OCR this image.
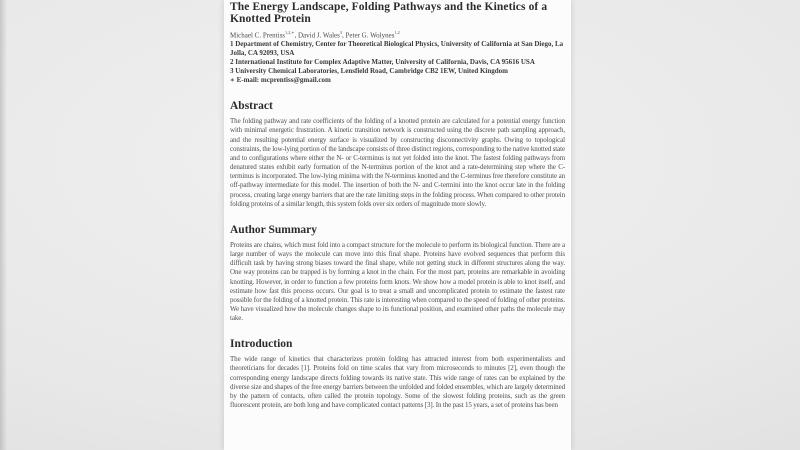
The Energy Landscape, Folding Pathways and the Kinetics of a Knotted Protein

Michael C. Prentiss$^{1,2,∗}$, David J. Wales$^3$, Peter G. Wolynes$^{1,2}$

1 Department of Chemistry, Center for Theoretical Biological Physics, University of California at San Diego, La Jolla, CA 92093, USA

2 International Institute for Complex Adaptive Matter, University of California, Davis, CA 95616 USA

3 University Chemical Laboratories, Lensfield Road, Cambridge CB2 1EW, United Kingdom

∗ E-mail: mcprentiss@gmail.com

Abstract

The folding pathway and rate coefficients of the folding of a knotted protein are calculated for a potential energy function with minimal energetic frustration. A kinetic transition network is constructed using the discrete path sampling approach, and the resulting potential energy surface is visualized by constructing disconnectivity graphs. Owing to topological constraints, the low-lying portion of the landscape consists of three distinct regions, corresponding to the native knotted state and to configurations where either the N- or C-terminus is not yet folded into the knot. The fastest folding pathways from denatured states exhibit early formation of the N-terminus portion of the knot and a rate-determining step where the C-terminus is incorporated. The low-lying minima with the N-terminus knotted and the C-terminus free therefore constitute an off-pathway intermediate for this model. The insertion of both the N- and C-termini into the knot occur late in the folding process, creating large energy barriers that are the rate limiting steps in the folding process. When compared to other protein folding proteins of a similar length, this system folds over six orders of magnitude more slowly.

Author Summary

Proteins are chains, which must fold into a compact structure for the molecule to perform its biological function. There are a large number of ways the molecule can move into this final shape. Proteins have evolved sequences that perform this difficult task by having strong biases toward the final shape, while not getting stuck in different structures along the way. One way proteins can be trapped is by forming a knot in the chain. For the most part, proteins are remarkable in avoiding knotting. However, in order to function a few proteins form knots. We show how a model protein is able to knot itself, and estimate how fast this process occurs. Our goal is to treat a small and uncomplicated protein to estimate the fastest rate possible for the folding of a knotted protein. This rate is interesting when compared to the speed of folding of other proteins. We have visualized how the molecule changes shape to its functional position, and examined other paths the molecule may take.

Introduction

The wide range of kinetics that characterizes protein folding has attracted interest from both experimentalists and theoreticians for decades [1]. Proteins fold on time scales that vary from microseconds to minutes [2], even though the corresponding energy landscape directs folding towards its native state. This wide range of rates can be explained by the diverse size and shapes of the free energy barriers between the unfolded and folded ensembles, which are largely determined by the pattern of contacts, often called the protein topology. Some of the slowest folding proteins, such as the green fluorescent protein, are both long and have complicated contact patterns [3]. In the past 15 years, a set of proteins has been
